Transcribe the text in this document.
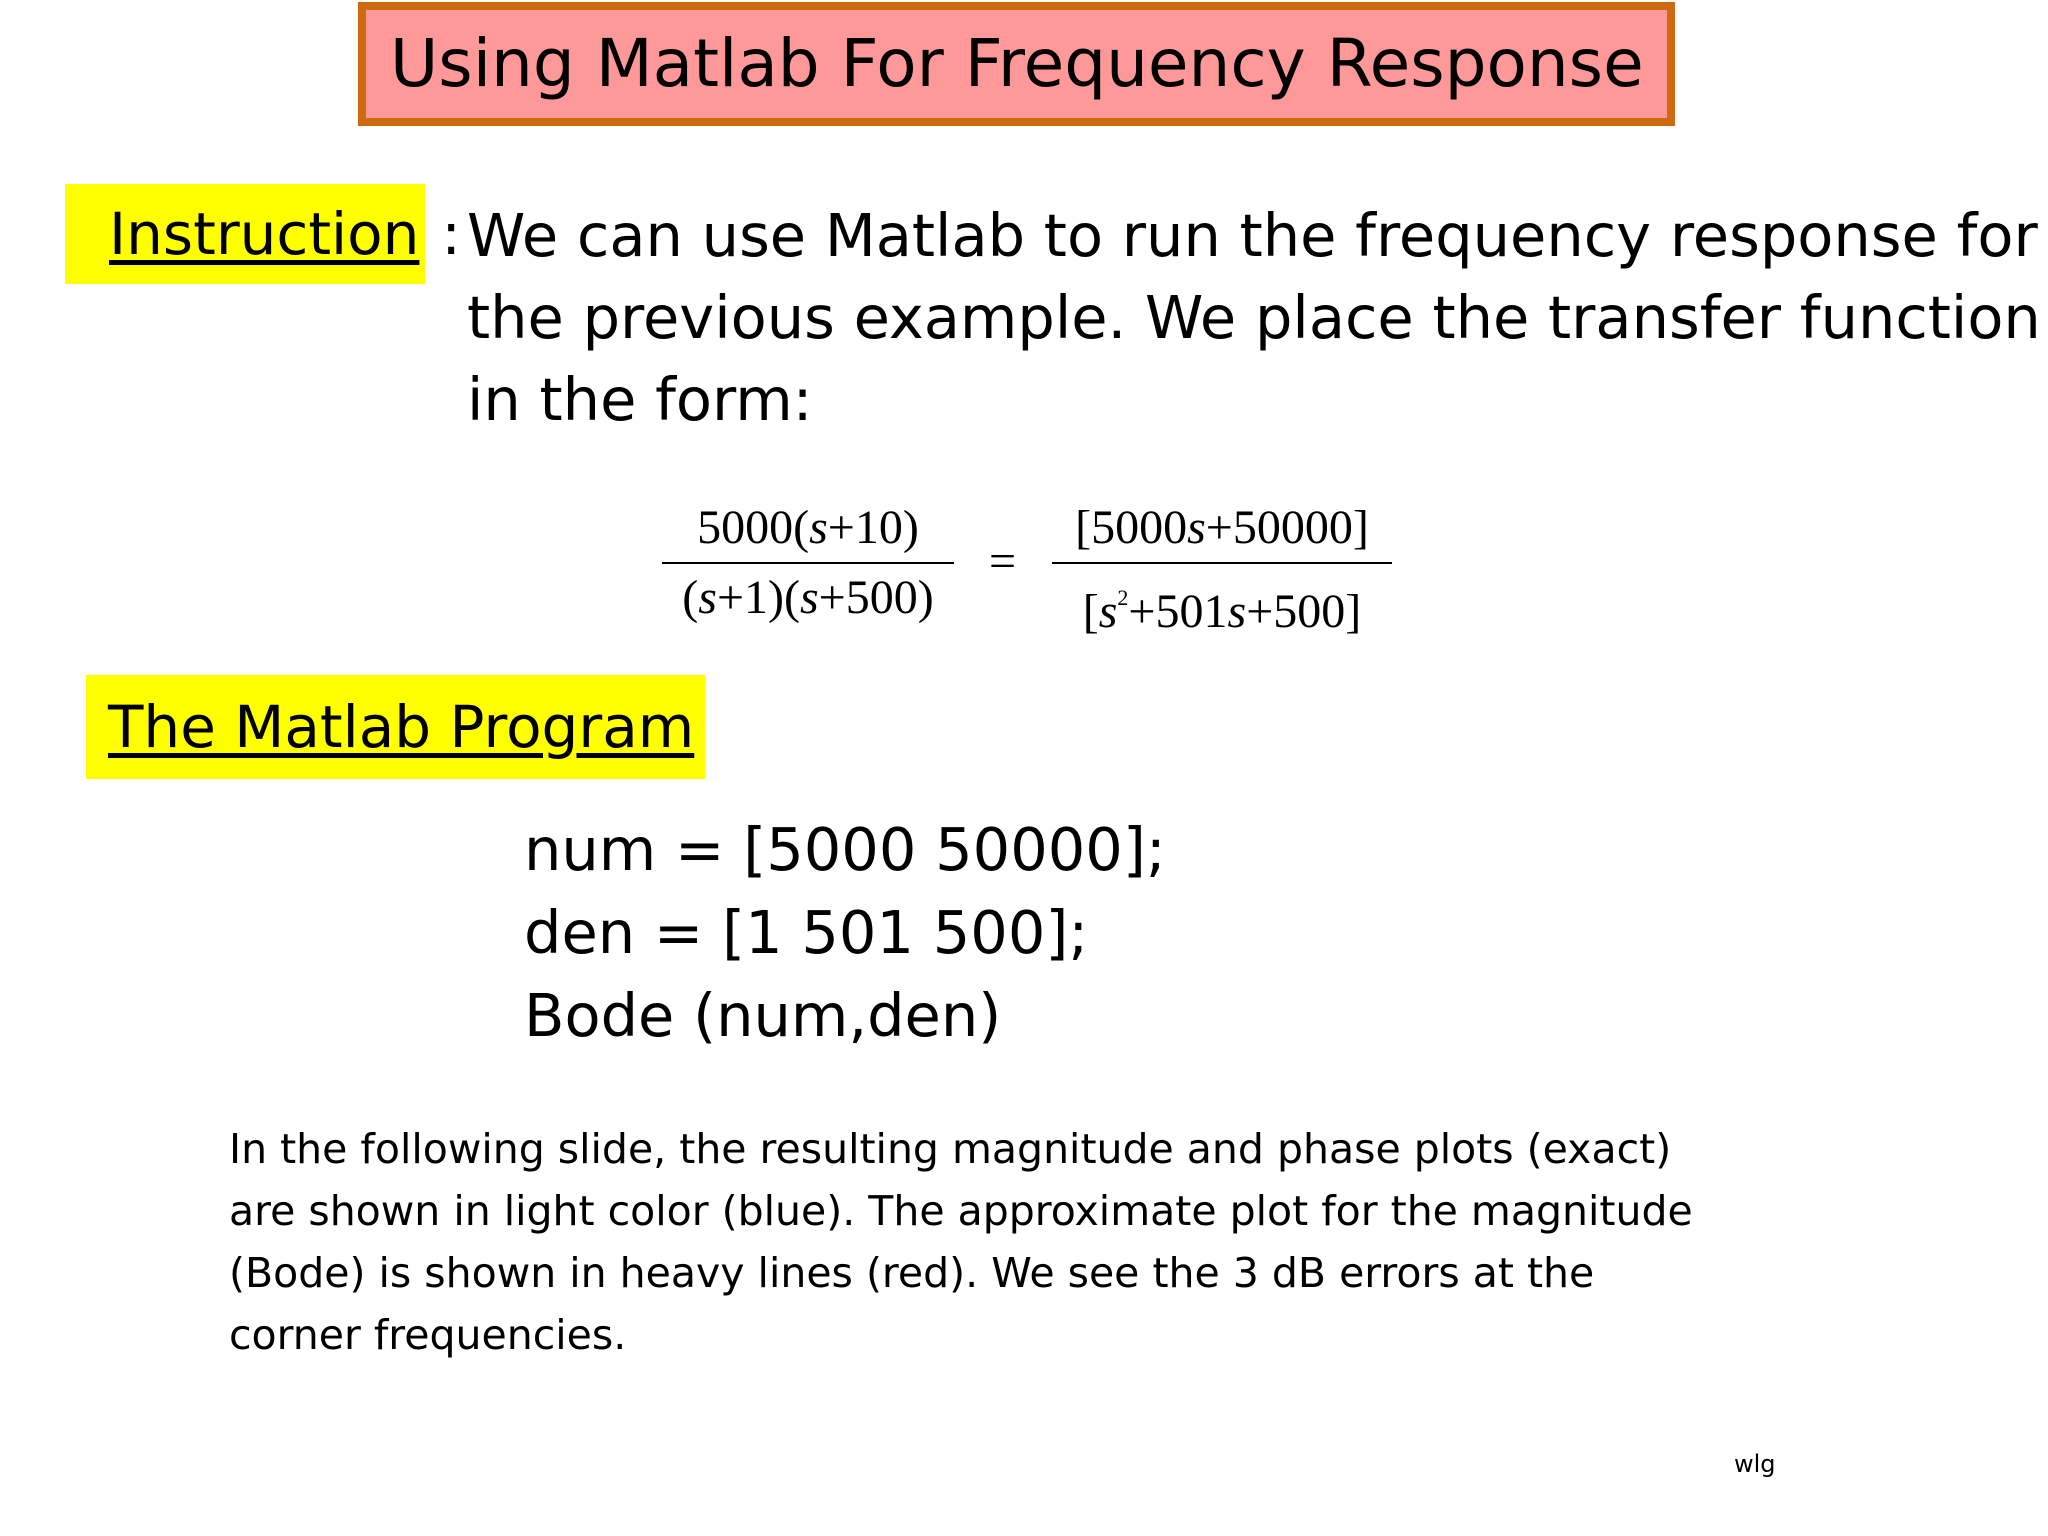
Using Matlab For Frequency Response
Instruction : We can use Matlab to run the frequency response for
the previous example. We place the transfer function
in the form:
5000(s+10)
(s+1)(s+500)
=
[5000s+50000]
$[s^2+501s+500]$
The Matlab Program
num = [5000 50000];
den = [1 501 500];
Bode (num,den)
In the following slide, the resulting magnitude and phase plots (exact)
are shown in light color (blue). The approximate plot for the magnitude
(Bode) is shown in heavy lines (red). We see the 3 dB errors at the
corner frequencies.
wlg
